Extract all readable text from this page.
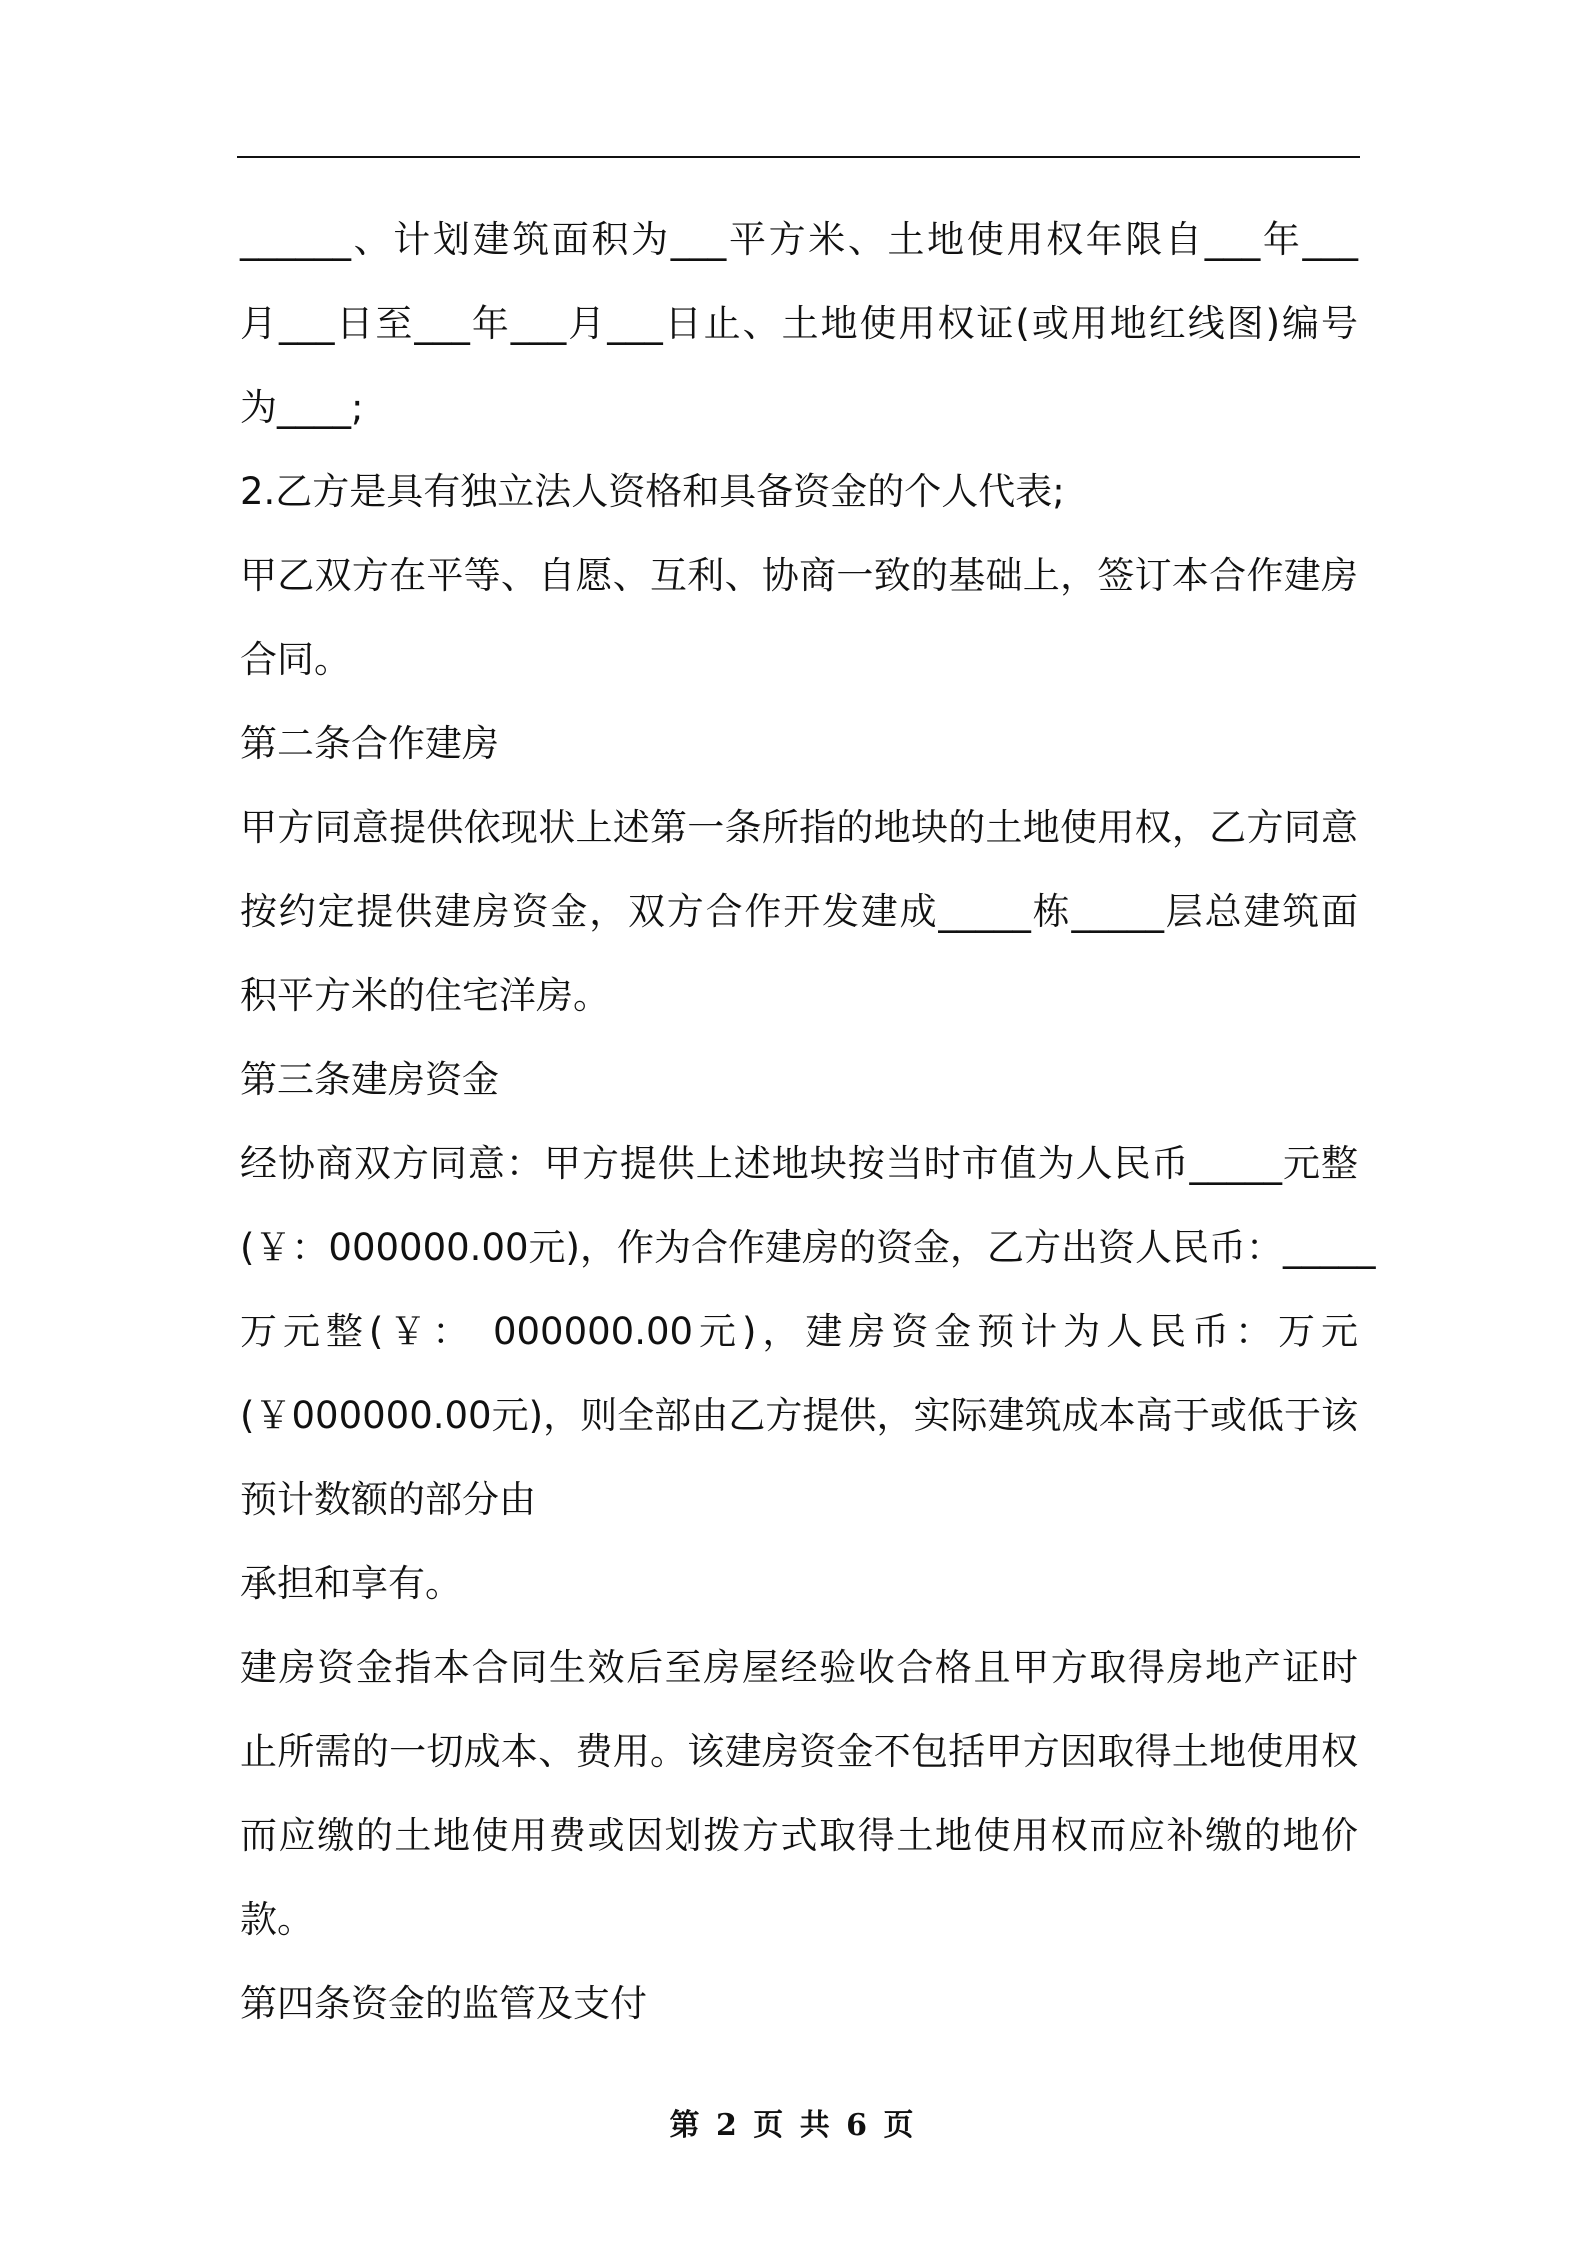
______、计划建筑面积为___平方米、土地使用权年限自___年___
月___日至___年___月___日止、土地使用权证(或用地红线图)编号
为____;
2.乙方是具有独立法人资格和具备资金的个人代表;
甲乙双方在平等、自愿、互利、协商一致的基础上，签订本合作建房
合同。
第二条合作建房
甲方同意提供依现状上述第一条所指的地块的土地使用权，乙方同意
按约定提供建房资金，双方合作开发建成_____栋_____层总建筑面
积平方米的住宅洋房。
第三条建房资金
经协商双方同意：甲方提供上述地块按当时市值为人民币_____元整
(￥：000000.00元)，作为合作建房的资金，乙方出资人民币：_____
万元整(￥： 000000.00元)，建房资金预计为人民币：万元
(￥000000.00元)，则全部由乙方提供，实际建筑成本高于或低于该
预计数额的部分由
承担和享有。
建房资金指本合同生效后至房屋经验收合格且甲方取得房地产证时
止所需的一切成本、费用。该建房资金不包括甲方因取得土地使用权
而应缴的土地使用费或因划拨方式取得土地使用权而应补缴的地价
款。
第四条资金的监管及支付
第 2 页 共 6 页
